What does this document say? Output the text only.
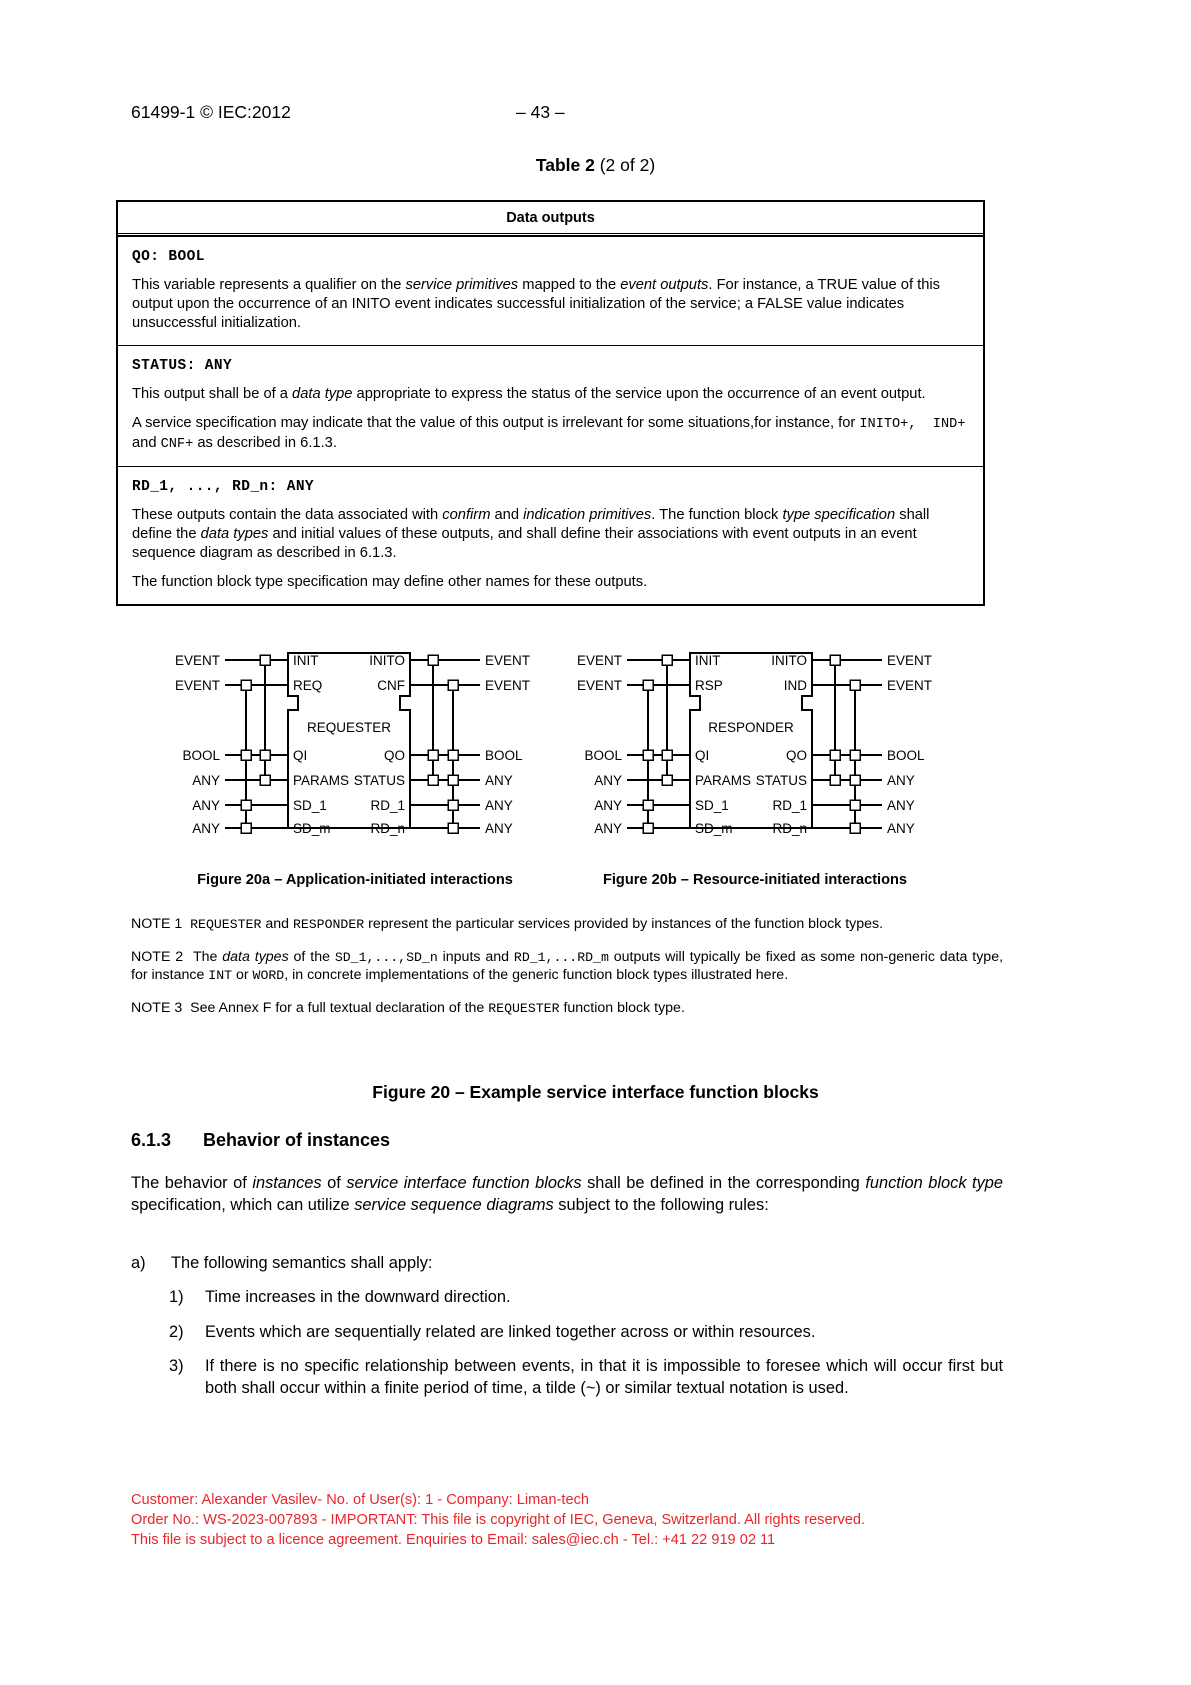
61499-1 © IEC:2012	– 43 –
Table 2 (2 of 2)
Data outputs
QO: BOOL

This variable represents a qualifier on the service primitives mapped to the event outputs. For instance, a TRUE value of this output upon the occurrence of an INITO event indicates successful initialization of the service; a FALSE value indicates unsuccessful initialization.

STATUS: ANY

This output shall be of a data type appropriate to express the status of the service upon the occurrence of an event output.

A service specification may indicate that the value of this output is irrelevant for some situations,for instance, for INITO+,  IND+ and CNF+ as described in 6.1.3.

RD_1, ..., RD_n: ANY

These outputs contain the data associated with confirm and indication primitives. The function block type specification shall define the data types and initial values of these outputs, and shall define their associations with event outputs in an event sequence diagram as described in 6.1.3.

The function block type specification may define other names for these outputs.

EVENT
EVENT
BOOL
ANY
ANY
ANY
EVENT
EVENT
BOOL
ANY
ANY
ANY
INIT
REQ
INITO
CNF
QI
PARAMS
SD_1
SD_m
QO
STATUS
RD_1
RD_n
REQUESTER
EVENT
EVENT
BOOL
ANY
ANY
ANY
EVENT
EVENT
BOOL
ANY
ANY
ANY
INIT
RSP
INITO
IND
QI
PARAMS
SD_1
SD_m
QO
STATUS
RD_1
RD_n
RESPONDER
Figure 20a – Application-initiated interactions	Figure 20b – Resource-initiated interactions
NOTE 1 REQUESTER and RESPONDER represent the particular services provided by instances of the function block types.
NOTE 2 The data types of the SD_1,...,SD_n inputs and RD_1,...RD_m outputs will typically be fixed as some non-generic data type, for instance INT or WORD, in concrete implementations of the generic function block types illustrated here.
NOTE 3 See Annex F for a full textual declaration of the REQUESTER function block type.
Figure 20 – Example service interface function blocks
6.1.3 Behavior of instances
The behavior of instances of service interface function blocks shall be defined in the corresponding function block type specification, which can utilize service sequence diagrams subject to the following rules:
a)	The following semantics shall apply:
1)	Time increases in the downward direction.
2)	Events which are sequentially related are linked together across or within resources.
3)	If there is no specific relationship between events, in that it is impossible to foresee which will occur first but both shall occur within a finite period of time, a tilde (~) or similar textual notation is used.
Customer: Alexander Vasilev- No. of User(s): 1 - Company: Liman-tech
Order No.: WS-2023-007893 - IMPORTANT: This file is copyright of IEC, Geneva, Switzerland. All rights reserved.
This file is subject to a licence agreement. Enquiries to Email: sales@iec.ch - Tel.: +41 22 919 02 11
